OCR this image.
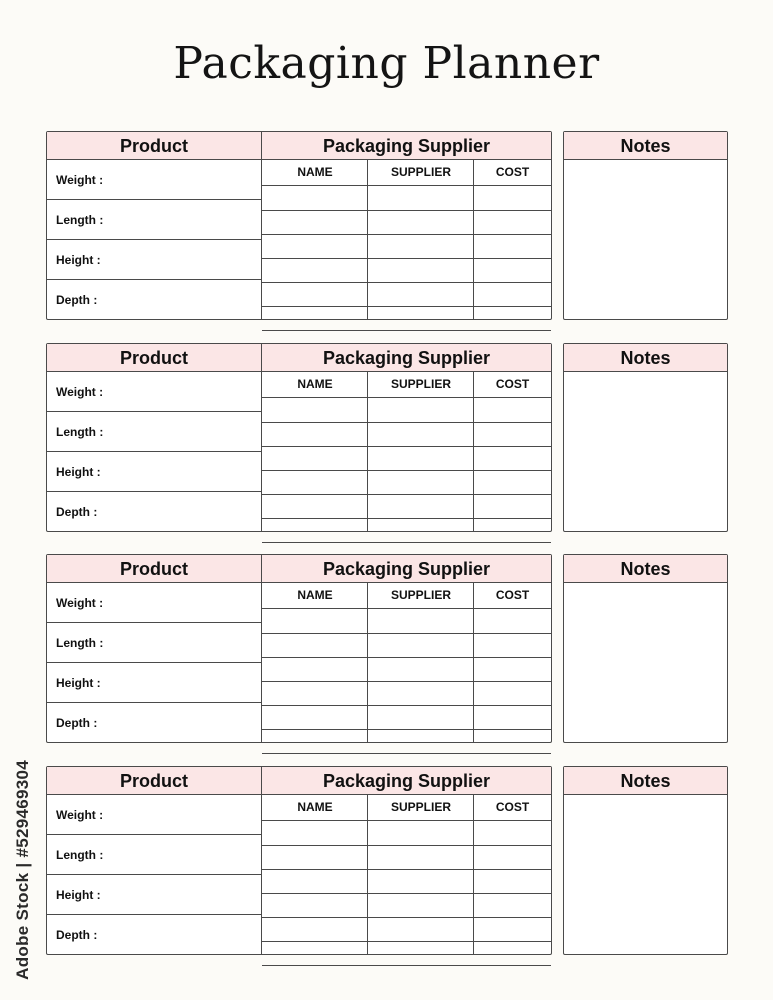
Packaging Planner
Product	Packaging Supplier
Weight :
Length :
Height :
Depth :
NAME	SUPPLIER	COST
Notes
Product	Packaging Supplier
Weight :
Length :
Height :
Depth :
NAME	SUPPLIER	COST
Notes
Product	Packaging Supplier
Weight :
Length :
Height :
Depth :
NAME	SUPPLIER	COST
Notes
Product	Packaging Supplier
Weight :
Length :
Height :
Depth :
NAME	SUPPLIER	COST
Notes
Adobe Stock | #529469304
